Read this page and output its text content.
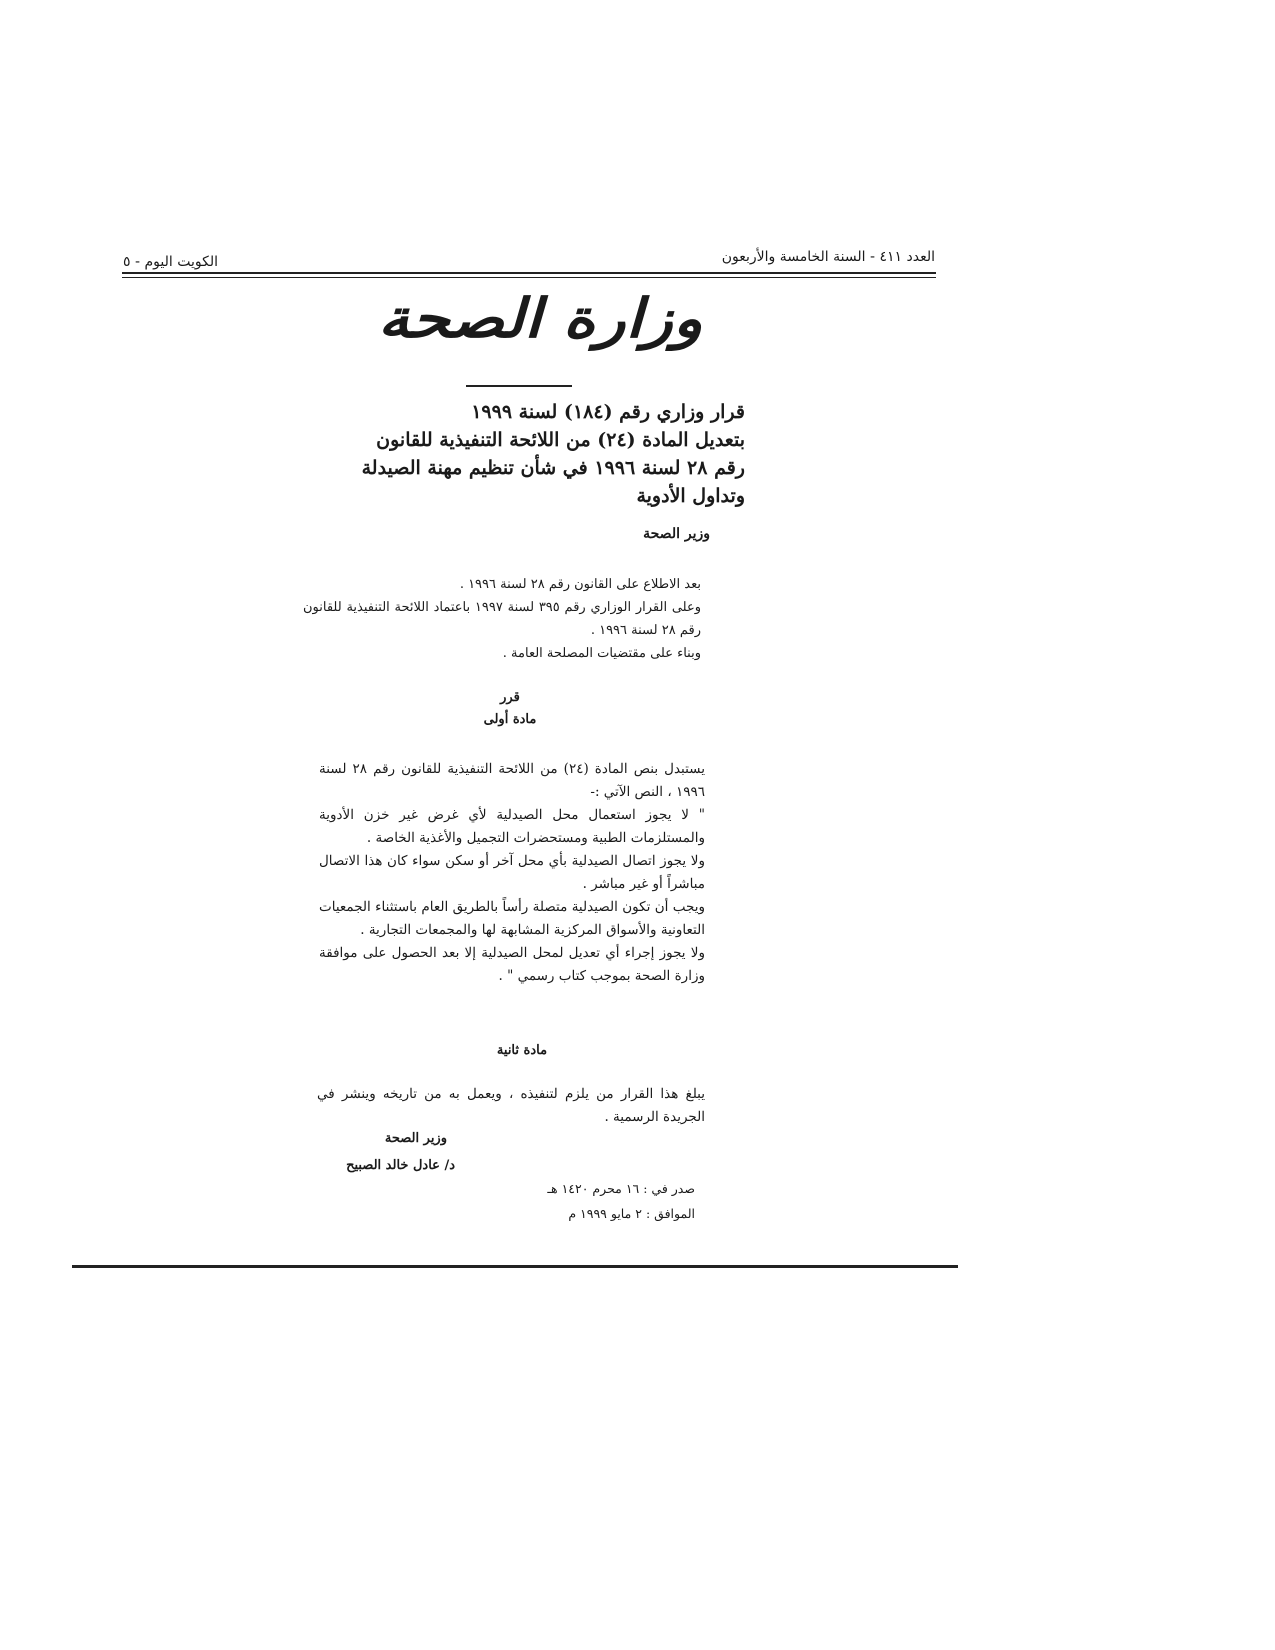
العدد ٤١١ - السنة الخامسة والأربعون
الكويت اليوم - ٥
وزارة الصحة
قرار وزاري رقم (١٨٤) لسنة ١٩٩٩
بتعديل المادة (٢٤) من اللائحة التنفيذية للقانون
رقم ٢٨ لسنة ١٩٩٦ في شأن تنظيم مهنة الصيدلة
وتداول الأدوية
وزير الصحة

بعد الاطلاع على القانون رقم ٢٨ لسنة ١٩٩٦ .

وعلى القرار الوزاري رقم ٣٩٥ لسنة ١٩٩٧ باعتماد اللائحة التنفيذية للقانون رقم ٢٨ لسنة ١٩٩٦ .

وبناء على مقتضيات المصلحة العامة .

قرر
مادة أولى

يستبدل بنص المادة (٢٤) من اللائحة التنفيذية للقانون رقم ٢٨ لسنة ١٩٩٦ ، النص الآتي :-

" لا يجوز استعمال محل الصيدلية لأي غرض غير خزن الأدوية والمستلزمات الطبية ومستحضرات التجميل والأغذية الخاصة .

ولا يجوز اتصال الصيدلية بأي محل آخر أو سكن سواء كان هذا الاتصال مباشراً أو غير مباشر .

ويجب أن تكون الصيدلية متصلة رأساً بالطريق العام باستثناء الجمعيات التعاونية والأسواق المركزية المشابهة لها والمجمعات التجارية .

ولا يجوز إجراء أي تعديل لمحل الصيدلية إلا بعد الحصول على موافقة وزارة الصحة بموجب كتاب رسمي " .

مادة ثانية

يبلغ هذا القرار من يلزم لتنفيذه ، ويعمل به من تاريخه وينشر في الجريدة الرسمية .

وزير الصحة
د/ عادل خالد الصبيح
صدر في : ١٦ محرم ١٤٢٠ هـ
الموافق : ٢ مايو ١٩٩٩ م
